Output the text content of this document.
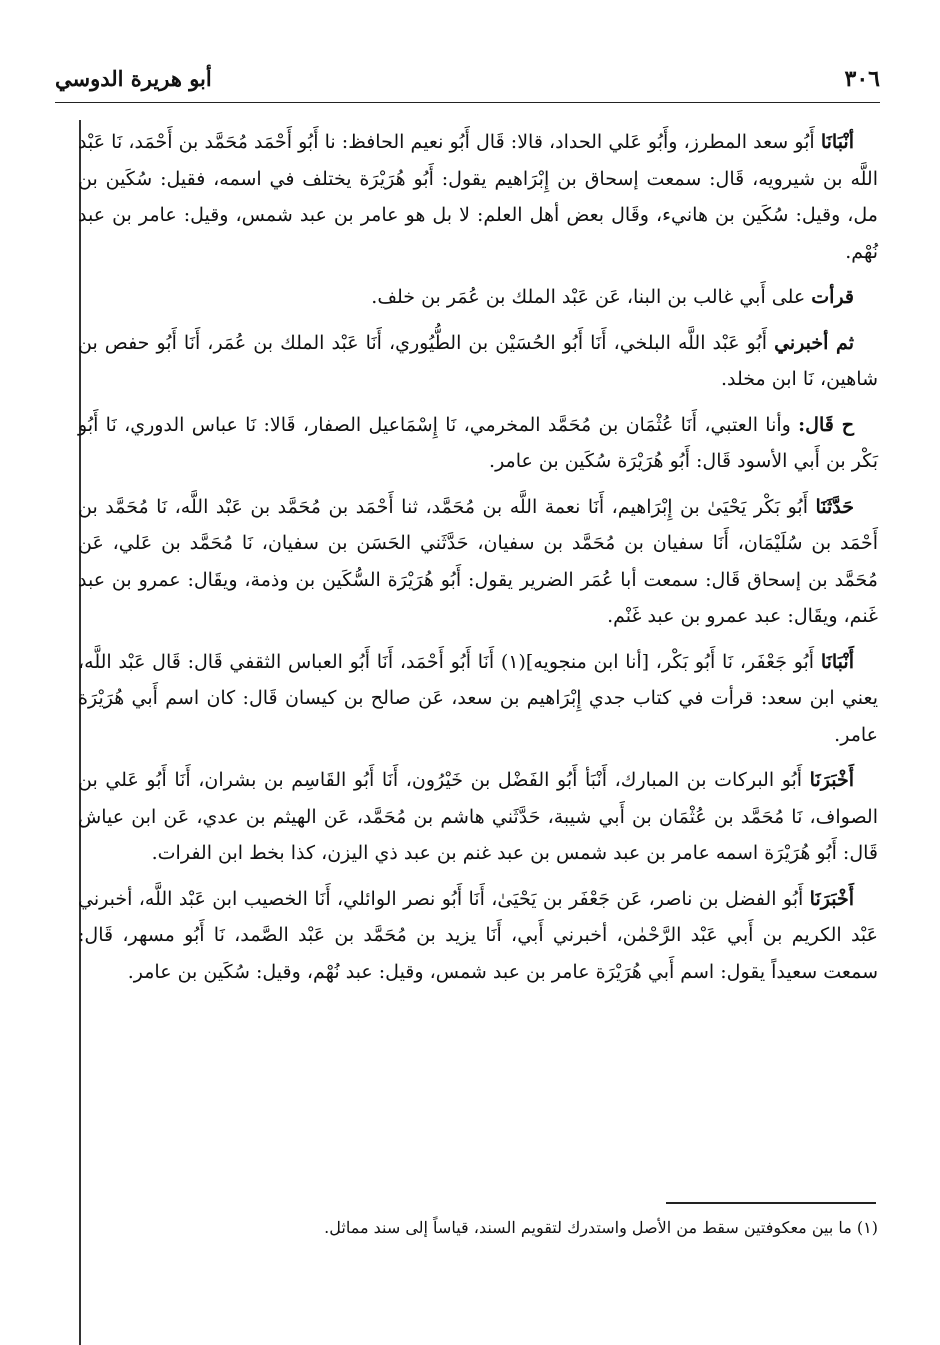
٣٠٦
أبو هريرة الدوسي

أنْبَانَا أَبُو سعد المطرز، وأَبُو عَلي الحداد، قالا: قَال أَبُو نعيم الحافظ: نا أَبُو أَحْمَد مُحَمَّد بن أَحْمَد، نَا عَبْد اللَّه بن شيرويه، قَال: سمعت إسحاق بن إِبْرَاهيم يقول: أَبُو هُرَيْرَة يختلف في اسمه، فقيل: سُكَين بن مل، وقيل: سُكَين بن هانيء، وقَال بعض أهل العلم: لا بل هو عامر بن عبد شمس، وقيل: عامر بن عبد نُهْم.

قرأت على أَبي غالب بن البنا، عَن عَبْد الملك بن عُمَر بن خلف.

ثم أخبرني أَبُو عَبْد اللَّه البلخي، أَنَا أَبُو الحُسَيْن بن الطُّيُوري، أَنَا عَبْد الملك بن عُمَر، أَنَا أَبُو حفص بن شاهين، نَا ابن مخلد.

ح قَال: وأنا العتبي، أَنَا عُثْمَان بن مُحَمَّد المخرمي، نَا إِسْمَاعيل الصفار، قَالا: نَا عباس الدوري، نَا أَبُو بَكْر بن أَبي الأسود قَال: أَبُو هُرَيْرَة سُكَين بن عامر.

حَدَّثَنَا أَبُو بَكْر يَحْيَىٰ بن إِبْرَاهيم، أَنَا نعمة اللَّه بن مُحَمَّد، ثنا أَحْمَد بن مُحَمَّد بن عَبْد اللَّه، نَا مُحَمَّد بن أَحْمَد بن سُلَيْمَان، أَنَا سفيان بن مُحَمَّد بن سفيان، حَدَّثَني الحَسَن بن سفيان، نَا مُحَمَّد بن عَلي، عَن مُحَمَّد بن إسحاق قَال: سمعت أبا عُمَر الضرير يقول: أَبُو هُرَيْرَة السُّكَين بن وذمة، ويقَال: عمرو بن عبد غَنم، ويقَال: عبد عمرو بن عبد غَنْم.

أَنْبَانَا أَبُو جَعْفَر، نَا أَبُو بَكْر، [أنا ابن منجويه](١) أَنَا أَبُو أَحْمَد، أَنَا أَبُو العباس الثقفي قَال: قَال عَبْد اللَّه، يعني ابن سعد: قرأت في كتاب جدي إِبْرَاهيم بن سعد، عَن صالح بن كيسان قَال: كان اسم أَبي هُرَيْرَة عامر.

أَخْبَرَنَا أَبُو البركات بن المبارك، أَنْبَأ أَبُو الفَضْل بن خَيْرُون، أَنَا أَبُو القَاسِم بن بشران، أَنَا أَبُو عَلي بن الصواف، نَا مُحَمَّد بن عُثْمَان بن أَبي شيبة، حَدَّثَني هاشم بن مُحَمَّد، عَن الهيثم بن عدي، عَن ابن عياش قَال: أَبُو هُرَيْرَة اسمه عامر بن عبد شمس بن عبد غنم بن عبد ذي اليزن، كذا بخط ابن الفرات.

أَخْبَرَنَا أَبُو الفضل بن ناصر، عَن جَعْفَر بن يَحْيَىٰ، أَنَا أَبُو نصر الوائلي، أَنَا الخصيب ابن عَبْد اللَّه، أخبرني عَبْد الكريم بن أَبي عَبْد الرَّحْمٰن، أخبرني أَبي، أَنَا يزيد بن مُحَمَّد بن عَبْد الصَّمد، نَا أَبُو مسهر، قَال: سمعت سعيداً يقول: اسم أَبي هُرَيْرَة عامر بن عبد شمس، وقيل: عبد نُهْم، وقيل: سُكَين بن عامر.

(١) ما بين معكوفتين سقط من الأصل واستدرك لتقويم السند، قياساً إلى سند مماثل.
